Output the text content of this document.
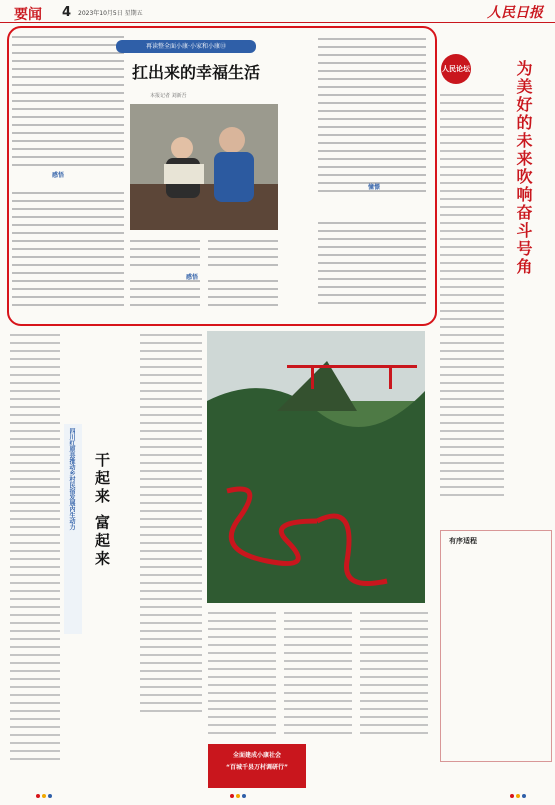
要闻 4 2023年10月5日 星期五	人民日报
感悟
再读整全面小康·小家和小康⑬
扛出来的幸福生活
本报记者 刘新吾
感悟
憧憬
人民论坛	为美好的未来吹响奋斗号角
四川红原县推动乡村民宿发展内生动力 干起来 富起来
全面建成小康社会
“百城千县万村调研行”
有序适程
